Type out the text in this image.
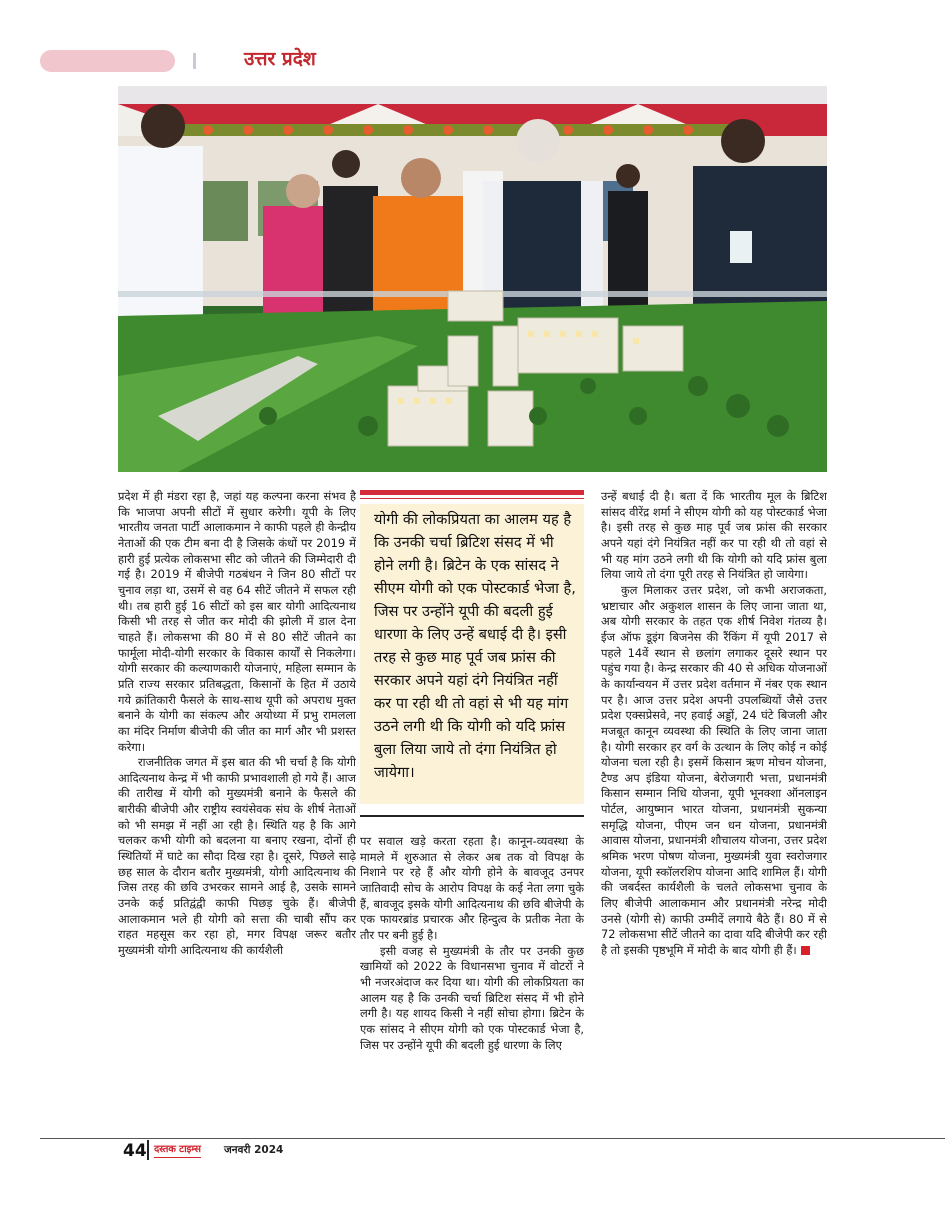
उत्तर प्रदेश

प्रदेश में ही मंडरा रहा है, जहां यह कल्पना करना संभव है कि भाजपा अपनी सीटों में सुधार करेगी। यूपी के लिए भारतीय जनता पार्टी आलाकमान ने काफी पहले ही केन्द्रीय नेताओं की एक टीम बना दी है जिसके कंधों पर 2019 में हारी हुई प्रत्येक लोकसभा सीट को जीतने की जिम्मेदारी दी गई है। 2019 में बीजेपी गठबंधन ने जिन 80 सीटों पर चुनाव लड़ा था, उसमें से वह 64 सीटें जीतने में सफल रही थी। तब हारी हुई 16 सीटों को इस बार योगी आदित्यनाथ किसी भी तरह से जीत कर मोदी की झोली में डाल देना चाहते हैं। लोकसभा की 80 में से 80 सीटें जीतने का फार्मूला मोदी-योगी सरकार के विकास कार्यों से निकलेगा। योगी सरकार की कल्याणकारी योजनाएं, महिला सम्मान के प्रति राज्य सरकार प्रतिबद्धता, किसानों के हित में उठाये गये क्रांतिकारी फैसले के साथ-साथ यूपी को अपराध मुक्त बनाने के योगी का संकल्प और अयोध्या में प्रभु रामलला का मंदिर निर्माण बीजेपी की जीत का मार्ग और भी प्रशस्त करेगा।

राजनीतिक जगत में इस बात की भी चर्चा है कि योगी आदित्यनाथ केन्द्र में भी काफी प्रभावशाली हो गये हैं। आज की तारीख में योगी को मुख्यमंत्री बनाने के फैसले की बारीकी बीजेपी और राष्ट्रीय स्वयंसेवक संघ के शीर्ष नेताओं को भी समझ में नहीं आ रही है। स्थिति यह है कि आगे चलकर कभी योगी को बदलना या बनाए रखना, दोनों ही स्थितियों में घाटे का सौदा दिख रहा है। दूसरे, पिछले साढ़े छह साल के दौरान बतौर मुख्यमंत्री, योगी आदित्यनाथ की जिस तरह की छवि उभरकर सामने आई है, उसके सामने उनके कई प्रतिद्वंद्वी काफी पिछड़ चुके हैं। बीजेपी आलाकमान भले ही योगी को सत्ता की चाबी सौंप कर राहत महसूस कर रहा हो, मगर विपक्ष जरूर बतौर मुख्यमंत्री योगी आदित्यनाथ की कार्यशैली

योगी की लोकप्रियता का आलम यह है कि उनकी चर्चा ब्रिटिश संसद में भी होने लगी है। ब्रिटेन के एक सांसद ने सीएम योगी को एक पोस्टकार्ड भेजा है, जिस पर उन्होंने यूपी की बदली हुई धारणा के लिए उन्हें बधाई दी है। इसी तरह से कुछ माह पूर्व जब फ्रांस की सरकार अपने यहां दंगे नियंत्रित नहीं कर पा रही थी तो वहां से भी यह मांग उठने लगी थी कि योगी को यदि फ्रांस बुला लिया जाये तो दंगा नियंत्रित हो जायेगा।

पर सवाल खड़े करता रहता है। कानून-व्यवस्था के मामले में शुरुआत से लेकर अब तक वो विपक्ष के निशाने पर रहे हैं और योगी होने के बावजूद उनपर जातिवादी सोच के आरोप विपक्ष के कई नेता लगा चुके हैं, बावजूद इसके योगी आदित्यनाथ की छवि बीजेपी के एक फायरब्रांड प्रचारक और हिन्दुत्व के प्रतीक नेता के तौर पर बनी हुई है।

इसी वजह से मुख्यमंत्री के तौर पर उनकी कुछ खामियों को 2022 के विधानसभा चुनाव में वोटरों ने भी नजरअंदाज कर दिया था। योगी की लोकप्रियता का आलम यह है कि उनकी चर्चा ब्रिटिश संसद में भी होने लगी है। यह शायद किसी ने नहीं सोचा होगा। ब्रिटेन के एक सांसद ने सीएम योगी को एक पोस्टकार्ड भेजा है, जिस पर उन्होंने यूपी की बदली हुई धारणा के लिए

उन्हें बधाई दी है। बता दें कि भारतीय मूल के ब्रिटिश सांसद वीरेंद्र शर्मा ने सीएम योगी को यह पोस्टकार्ड भेजा है। इसी तरह से कुछ माह पूर्व जब फ्रांस की सरकार अपने यहां दंगे नियंत्रित नहीं कर पा रही थी तो वहां से भी यह मांग उठने लगी थी कि योगी को यदि फ्रांस बुला लिया जाये तो दंगा पूरी तरह से नियंत्रित हो जायेगा।

कुल मिलाकर उत्तर प्रदेश, जो कभी अराजकता, भ्रष्टाचार और अकुशल शासन के लिए जाना जाता था, अब योगी सरकार के तहत एक शीर्ष निवेश गंतव्य है। ईज ऑफ डूइंग बिजनेस की रैंकिंग में यूपी 2017 से पहले 14वें स्थान से छलांग लगाकर दूसरे स्थान पर पहुंच गया है। केन्द्र सरकार की 40 से अधिक योजनाओं के कार्यान्वयन में उत्तर प्रदेश वर्तमान में नंबर एक स्थान पर है। आज उत्तर प्रदेश अपनी उपलब्धियों जैसे उत्तर प्रदेश एक्सप्रेसवे, नए हवाई अड्डों, 24 घंटे बिजली और मजबूत कानून व्यवस्था की स्थिति के लिए जाना जाता है। योगी सरकार हर वर्ग के उत्थान के लिए कोई न कोई योजना चला रही है। इसमें किसान ऋण मोचन योजना, टैण्ड अप इंडिया योजना, बेरोजगारी भत्ता, प्रधानमंत्री किसान सम्मान निधि योजना, यूपी भूनक्शा ऑनलाइन पोर्टल, आयुष्मान भारत योजना, प्रधानमंत्री सुकन्या समृद्धि योजना, पीएम जन धन योजना, प्रधानमंत्री आवास योजना, प्रधानमंत्री शौचालय योजना, उत्तर प्रदेश श्रमिक भरण पोषण योजना, मुख्यमंत्री युवा स्वरोजगार योजना, यूपी स्कॉलरशिप योजना आदि शामिल हैं। योगी की जबर्दस्त कार्यशैली के चलते लोकसभा चुनाव के लिए बीजेपी आलाकमान और प्रधानमंत्री नरेन्द्र मोदी उनसे (योगी से) काफी उम्मीदें लगाये बैठे हैं। 80 में से 72 लोकसभा सीटें जीतने का दावा यदि बीजेपी कर रही है तो इसकी पृष्ठभूमि में मोदी के बाद योगी ही हैं।

44 दस्तक टाइम्स जनवरी 2024
